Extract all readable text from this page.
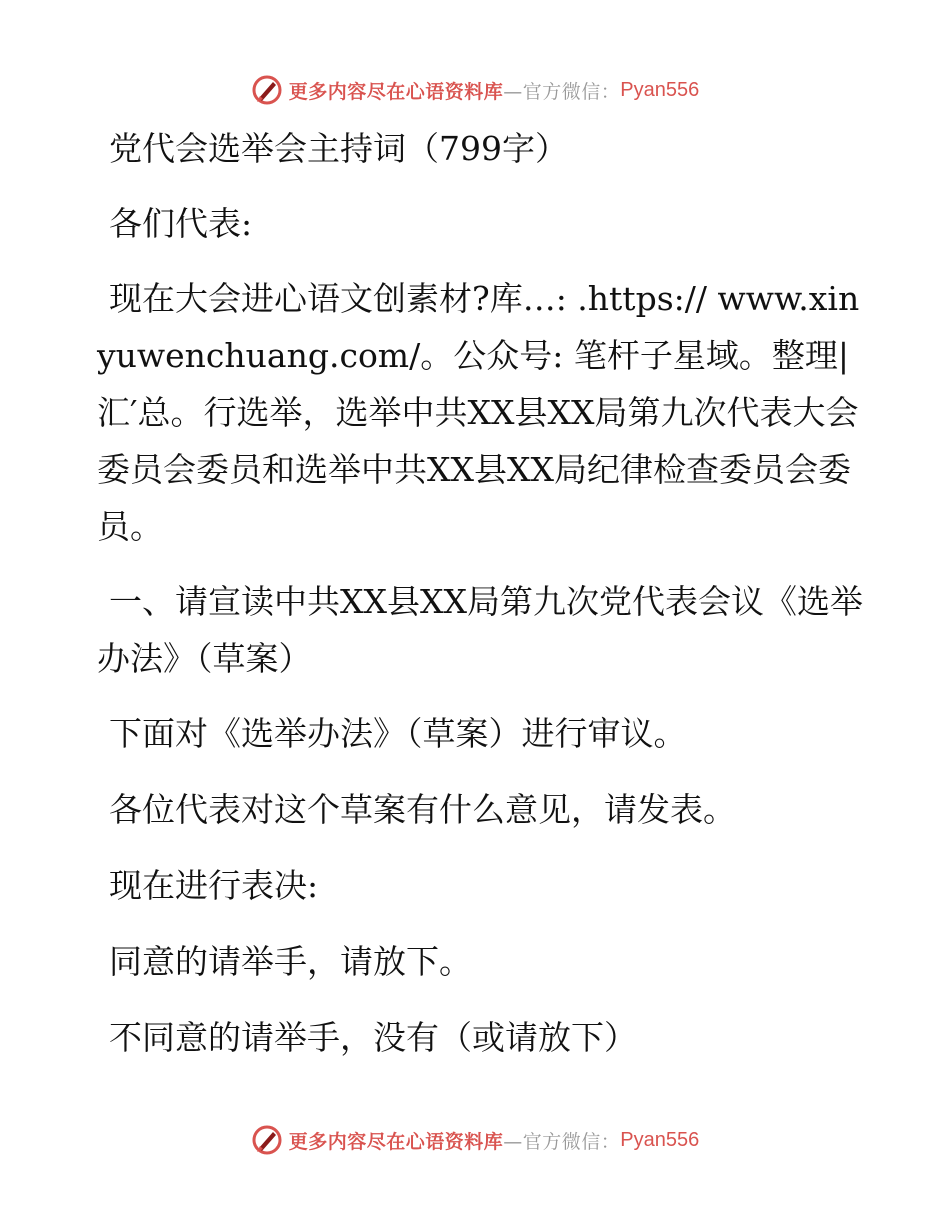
更多内容尽在心语资料库 —官方微信： Pyan556

党代会选举会主持词（799字）

各们代表:

现在大会进心语文创素材?库…: .https:// www.xinyuwenchuang.com/。公众号: 笔杆子星域。整理|汇′总。行选举，选举中共XX县XX局第九次代表大会委员会委员和选举中共XX县XX局纪律检查委员会委员。

一、请宣读中共XX县XX局第九次党代表会议《选举办法》（草案）

下面对《选举办法》（草案）进行审议。

各位代表对这个草案有什么意见，请发表。

现在进行表决:

同意的请举手，请放下。

不同意的请举手，没有（或请放下）

更多内容尽在心语资料库 —官方微信： Pyan556
